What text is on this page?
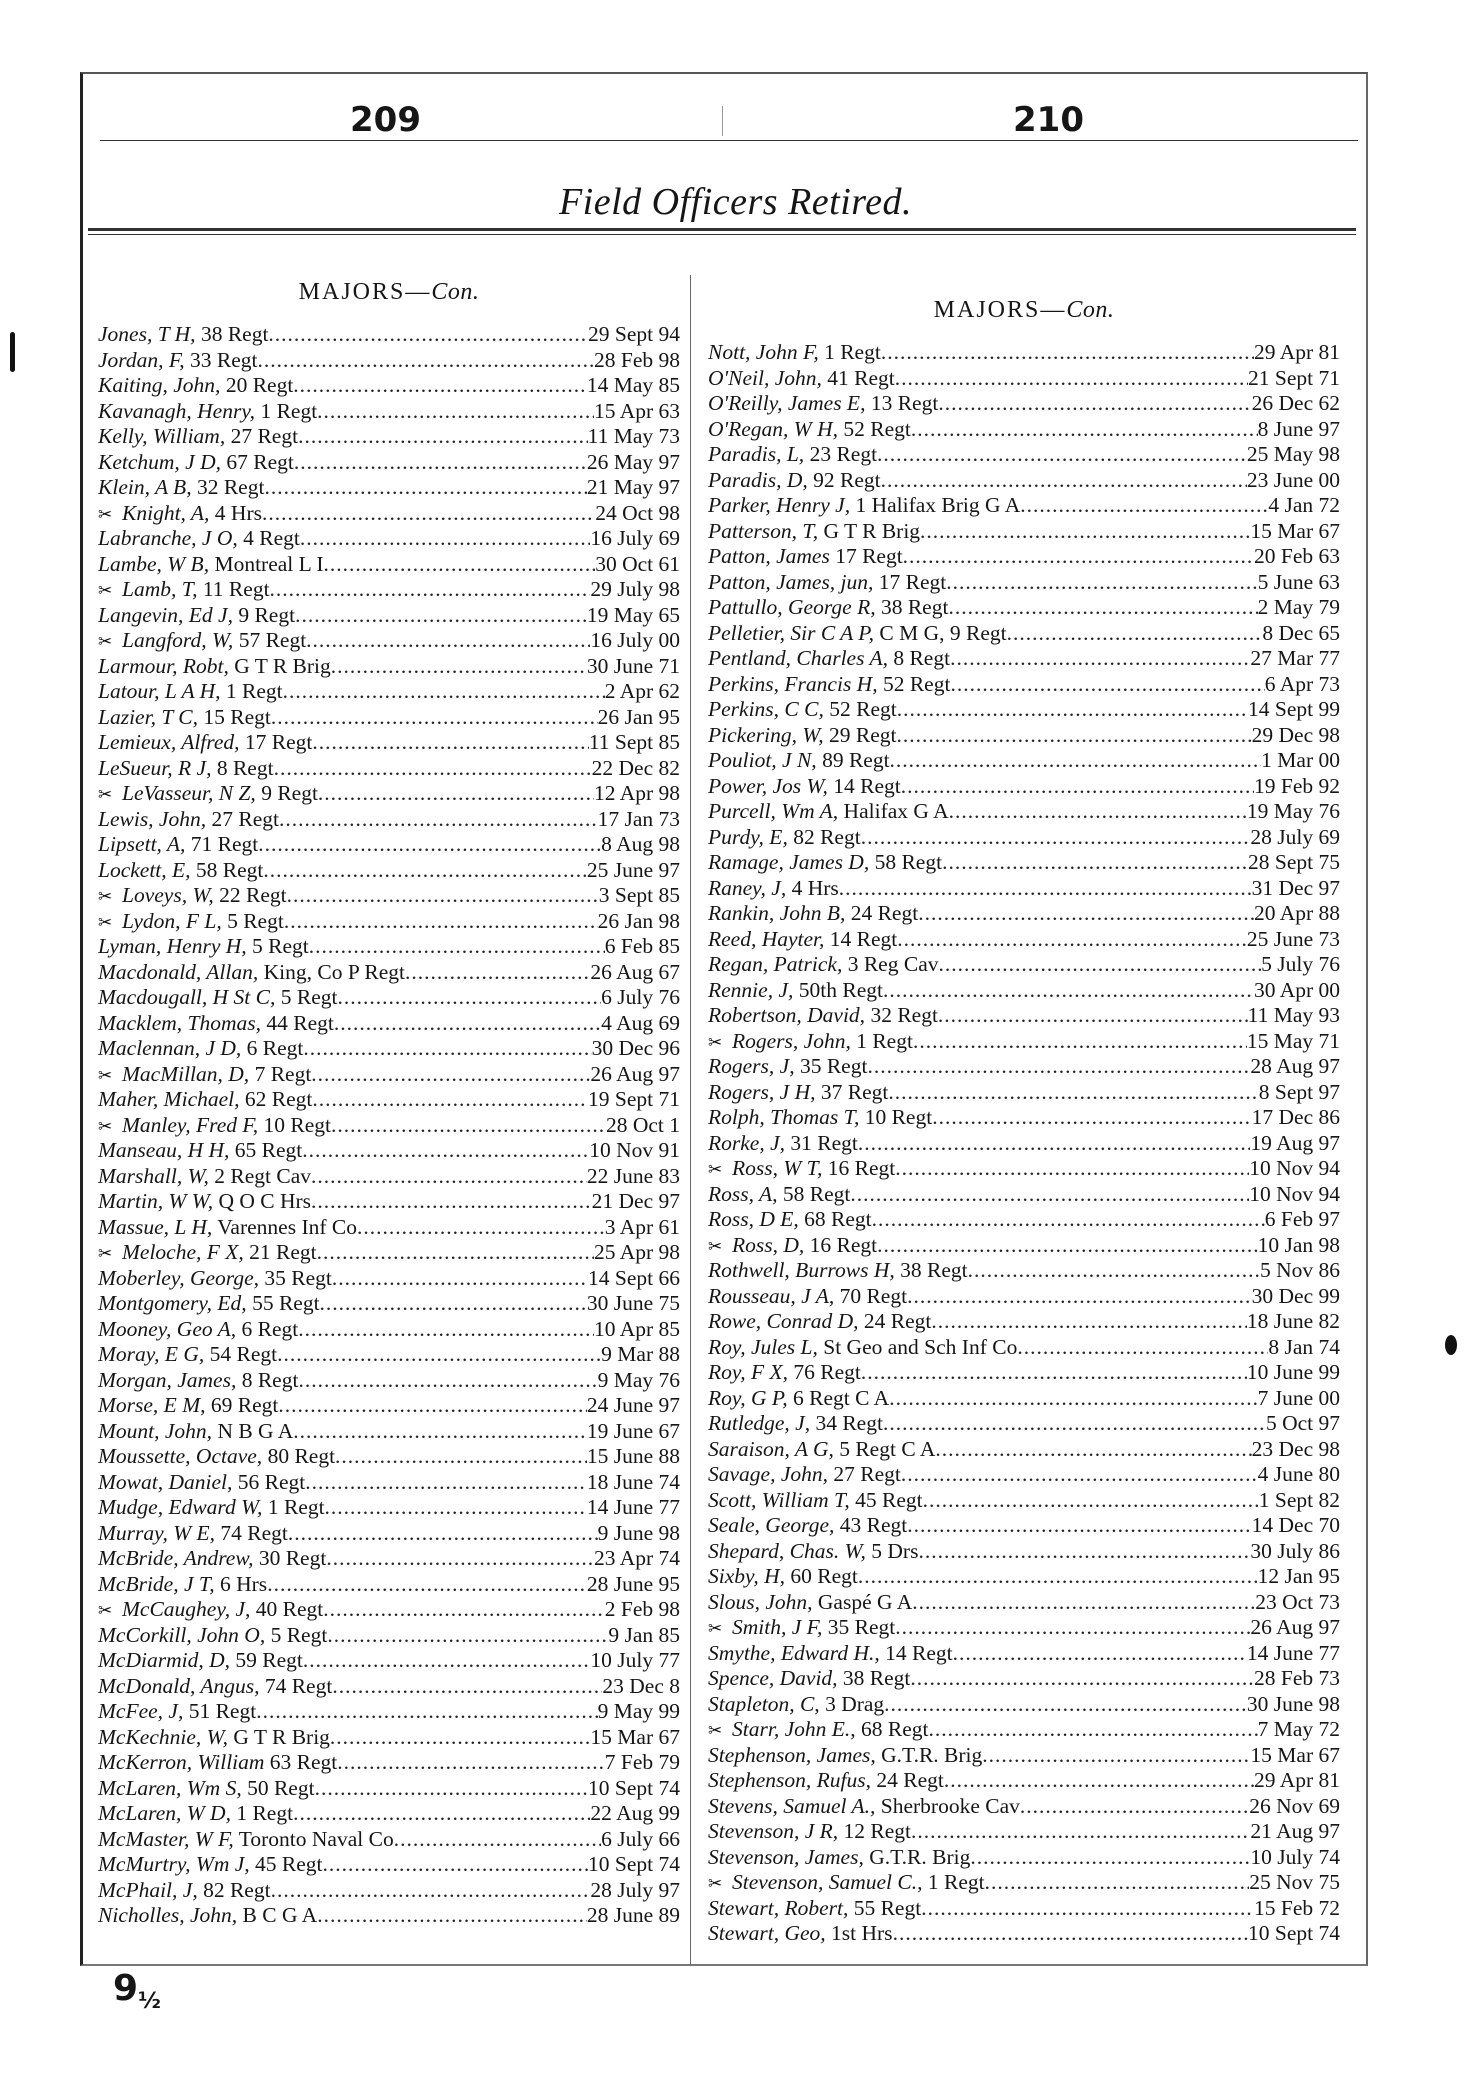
209	210
Field Officers Retired.
MAJORS—Con.
Jones, T H, 38 Regt .....	29 Sept 94
Jordan, F, 33 Regt .....	28 Feb 98
Kaiting, John, 20 Regt .....	14 May 85
Kavanagh, Henry, 1 Regt .....	15 Apr 63
Kelly, William, 27 Regt .....	11 May 73
Ketchum, J D, 67 Regt .....	26 May 97
Klein, A B, 32 Regt .....	21 May 97
✂ Knight, A, 4 Hrs .....	24 Oct 98
Labranche, J O, 4 Regt .....	16 July 69
Lambe, W B, Montreal L I .....	30 Oct 61
✂ Lamb, T, 11 Regt .....	29 July 98
Langevin, Ed J, 9 Regt .....	19 May 65
✂ Langford, W, 57 Regt .....	16 July 00
Larmour, Robt, G T R Brig .....	30 June 71
Latour, L A H, 1 Regt .....	2 Apr 62
Lazier, T C, 15 Regt .....	26 Jan 95
Lemieux, Alfred, 17 Regt .....	11 Sept 85
LeSueur, R J, 8 Regt .....	22 Dec 82
✂ LeVasseur, N Z, 9 Regt .....	12 Apr 98
Lewis, John, 27 Regt .....	17 Jan 73
Lipsett, A, 71 Regt .....	8 Aug 98
Lockett, E, 58 Regt .....	25 June 97
✂ Loveys, W, 22 Regt .....	3 Sept 85
✂ Lydon, F L, 5 Regt .....	26 Jan 98
Lyman, Henry H, 5 Regt .....	6 Feb 85
Macdonald, Allan, King, Co P Regt .....	26 Aug 67
Macdougall, H St C, 5 Regt .....	6 July 76
Macklem, Thomas, 44 Regt .....	4 Aug 69
Maclennan, J D, 6 Regt .....	30 Dec 96
✂ MacMillan, D, 7 Regt .....	26 Aug 97
Maher, Michael, 62 Regt .....	19 Sept 71
✂ Manley, Fred F, 10 Regt .....	28 Oct 1
Manseau, H H, 65 Regt .....	10 Nov 91
Marshall, W, 2 Regt Cav .....	22 June 83
Martin, W W, Q O C Hrs .....	21 Dec 97
Massue, L H, Varennes Inf Co .....	3 Apr 61
✂ Meloche, F X, 21 Regt .....	25 Apr 98
Moberley, George, 35 Regt .....	14 Sept 66
Montgomery, Ed, 55 Regt .....	30 June 75
Mooney, Geo A, 6 Regt .....	10 Apr 85
Moray, E G, 54 Regt .....	9 Mar 88
Morgan, James, 8 Regt .....	9 May 76
Morse, E M, 69 Regt .....	24 June 97
Mount, John, N B G A .....	19 June 67
Moussette, Octave, 80 Regt .....	15 June 88
Mowat, Daniel, 56 Regt .....	18 June 74
Mudge, Edward W, 1 Regt .....	14 June 77
Murray, W E, 74 Regt .....	9 June 98
McBride, Andrew, 30 Regt .....	23 Apr 74
McBride, J T, 6 Hrs .....	28 June 95
✂ McCaughey, J, 40 Regt .....	2 Feb 98
McCorkill, John O, 5 Regt .....	9 Jan 85
McDiarmid, D, 59 Regt .....	10 July 77
McDonald, Angus, 74 Regt .....	23 Dec 8
McFee, J, 51 Regt .....	9 May 99
McKechnie, W, G T R Brig .....	15 Mar 67
McKerron, William 63 Regt .....	7 Feb 79
McLaren, Wm S, 50 Regt .....	10 Sept 74
McLaren, W D, 1 Regt .....	22 Aug 99
McMaster, W F, Toronto Naval Co .....	6 July 66
McMurtry, Wm J, 45 Regt .....	10 Sept 74
McPhail, J, 82 Regt .....	28 July 97
Nicholles, John, B C G A .....	28 June 89
MAJORS—Con.
Nott, John F, 1 Regt .....	29 Apr 81
O'Neil, John, 41 Regt .....	21 Sept 71
O'Reilly, James E, 13 Regt .....	26 Dec 62
O'Regan, W H, 52 Regt .....	8 June 97
Paradis, L, 23 Regt .....	25 May 98
Paradis, D, 92 Regt .....	23 June 00
Parker, Henry J, 1 Halifax Brig G A .....	4 Jan 72
Patterson, T, G T R Brig .....	15 Mar 67
Patton, James 17 Regt .....	20 Feb 63
Patton, James, jun, 17 Regt .....	5 June 63
Pattullo, George R, 38 Regt .....	2 May 79
Pelletier, Sir C A P, C M G, 9 Regt .....	8 Dec 65
Pentland, Charles A, 8 Regt .....	27 Mar 77
Perkins, Francis H, 52 Regt .....	6 Apr 73
Perkins, C C, 52 Regt .....	14 Sept 99
Pickering, W, 29 Regt .....	29 Dec 98
Pouliot, J N, 89 Regt .....	1 Mar 00
Power, Jos W, 14 Regt .....	19 Feb 92
Purcell, Wm A, Halifax G A .....	19 May 76
Purdy, E, 82 Regt .....	28 July 69
Ramage, James D, 58 Regt .....	28 Sept 75
Raney, J, 4 Hrs .....	31 Dec 97
Rankin, John B, 24 Regt .....	20 Apr 88
Reed, Hayter, 14 Regt .....	25 June 73
Regan, Patrick, 3 Reg Cav .....	5 July 76
Rennie, J, 50th Regt .....	30 Apr 00
Robertson, David, 32 Regt .....	11 May 93
✂ Rogers, John, 1 Regt .....	15 May 71
Rogers, J, 35 Regt .....	28 Aug 97
Rogers, J H, 37 Regt .....	8 Sept 97
Rolph, Thomas T, 10 Regt .....	17 Dec 86
Rorke, J, 31 Regt .....	19 Aug 97
✂ Ross, W T, 16 Regt .....	10 Nov 94
Ross, A, 58 Regt .....	10 Nov 94
Ross, D E, 68 Regt .....	6 Feb 97
✂ Ross, D, 16 Regt .....	10 Jan 98
Rothwell, Burrows H, 38 Regt .....	5 Nov 86
Rousseau, J A, 70 Regt .....	30 Dec 99
Rowe, Conrad D, 24 Regt .....	18 June 82
Roy, Jules L, St Geo and Sch Inf Co .....	8 Jan 74
Roy, F X, 76 Regt .....	10 June 99
Roy, G P, 6 Regt C A .....	7 June 00
Rutledge, J, 34 Regt .....	5 Oct 97
Saraison, A G, 5 Regt C A .....	23 Dec 98
Savage, John, 27 Regt .....	4 June 80
Scott, William T, 45 Regt .....	1 Sept 82
Seale, George, 43 Regt .....	14 Dec 70
Shepard, Chas. W, 5 Drs .....	30 July 86
Sixby, H, 60 Regt .....	12 Jan 95
Slous, John, Gaspé G A .....	23 Oct 73
✂ Smith, J F, 35 Regt .....	26 Aug 97
Smythe, Edward H., 14 Regt .....	14 June 77
Spence, David, 38 Regt .....	28 Feb 73
Stapleton, C, 3 Drag .....	30 June 98
✂ Starr, John E., 68 Regt .....	7 May 72
Stephenson, James, G.T.R. Brig .....	15 Mar 67
Stephenson, Rufus, 24 Regt .....	29 Apr 81
Stevens, Samuel A., Sherbrooke Cav .....	26 Nov 69
Stevenson, J R, 12 Regt .....	21 Aug 97
Stevenson, James, G.T.R. Brig .....	10 July 74
✂ Stevenson, Samuel C., 1 Regt .....	25 Nov 75
Stewart, Robert, 55 Regt .....	15 Feb 72
Stewart, Geo, 1st Hrs .....	10 Sept 74
$9_{\frac{1}{2}}$
